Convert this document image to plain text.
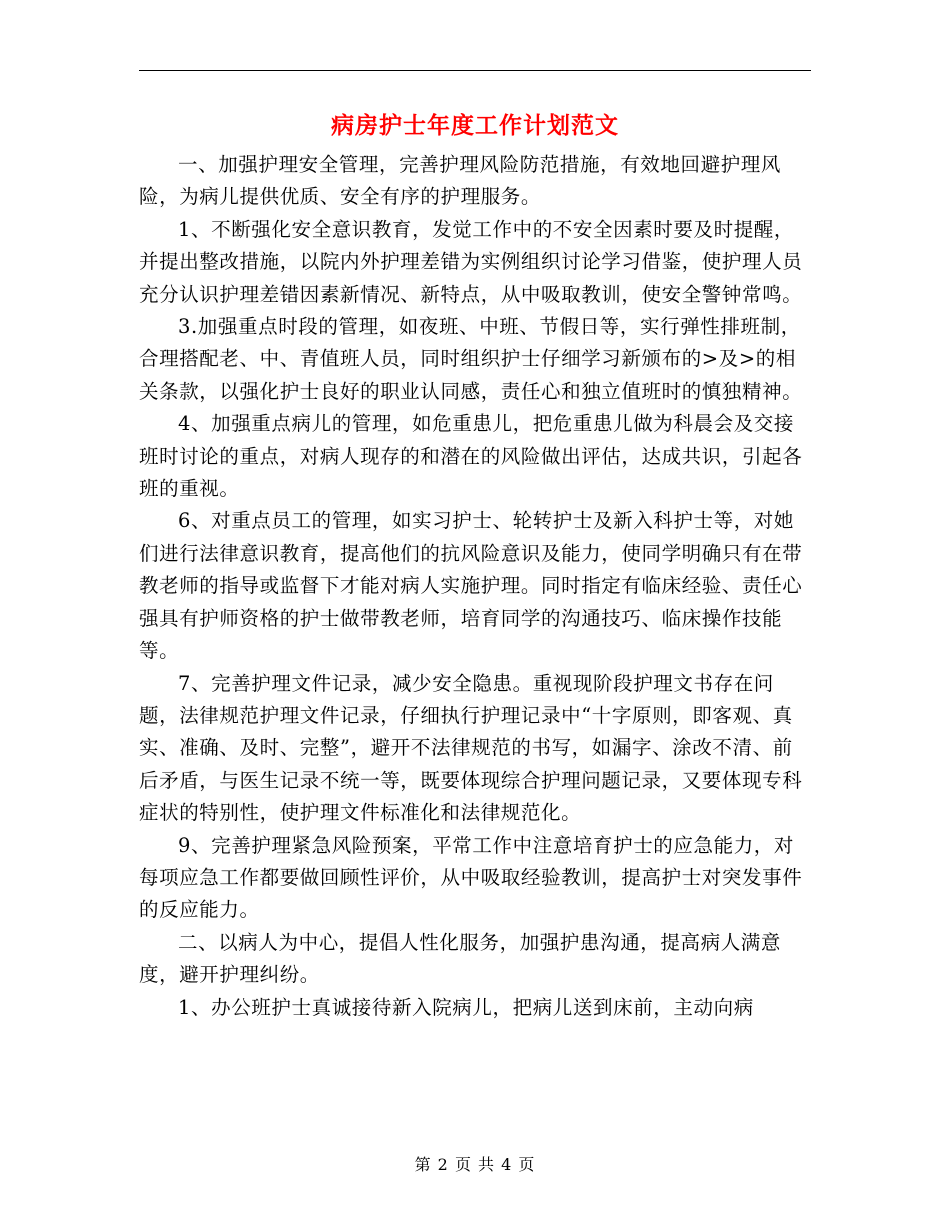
病房护士年度工作计划范文

一、加强护理安全管理，完善护理风险防范措施，有效地回避护理风险，为病儿提供优质、安全有序的护理服务。

1、不断强化安全意识教育，发觉工作中的不安全因素时要及时提醒，并提出整改措施，以院内外护理差错为实例组织讨论学习借鉴，使护理人员充分认识护理差错因素新情况、新特点，从中吸取教训，使安全警钟常鸣。

3.加强重点时段的管理，如夜班、中班、节假日等，实行弹性排班制，合理搭配老、中、青值班人员，同时组织护士仔细学习新颁布的>及>的相关条款，以强化护士良好的职业认同感，责任心和独立值班时的慎独精神。

4、加强重点病儿的管理，如危重患儿，把危重患儿做为科晨会及交接班时讨论的重点，对病人现存的和潜在的风险做出评估，达成共识，引起各班的重视。

6、对重点员工的管理，如实习护士、轮转护士及新入科护士等，对她们进行法律意识教育，提高他们的抗风险意识及能力，使同学明确只有在带教老师的指导或监督下才能对病人实施护理。同时指定有临床经验、责任心强具有护师资格的护士做带教老师，培育同学的沟通技巧、临床操作技能等。

7、完善护理文件记录，减少安全隐患。重视现阶段护理文书存在问题，法律规范护理文件记录，仔细执行护理记录中“十字原则，即客观、真实、准确、及时、完整”，避开不法律规范的书写，如漏字、涂改不清、前后矛盾，与医生记录不统一等，既要体现综合护理问题记录，又要体现专科症状的特别性，使护理文件标准化和法律规范化。

9、完善护理紧急风险预案，平常工作中注意培育护士的应急能力，对每项应急工作都要做回顾性评价，从中吸取经验教训，提高护士对突发事件的反应能力。

二、以病人为中心，提倡人性化服务，加强护患沟通，提高病人满意度，避开护理纠纷。

1、办公班护士真诚接待新入院病儿，把病儿送到床前，主动向病

第 2 页 共 4 页
